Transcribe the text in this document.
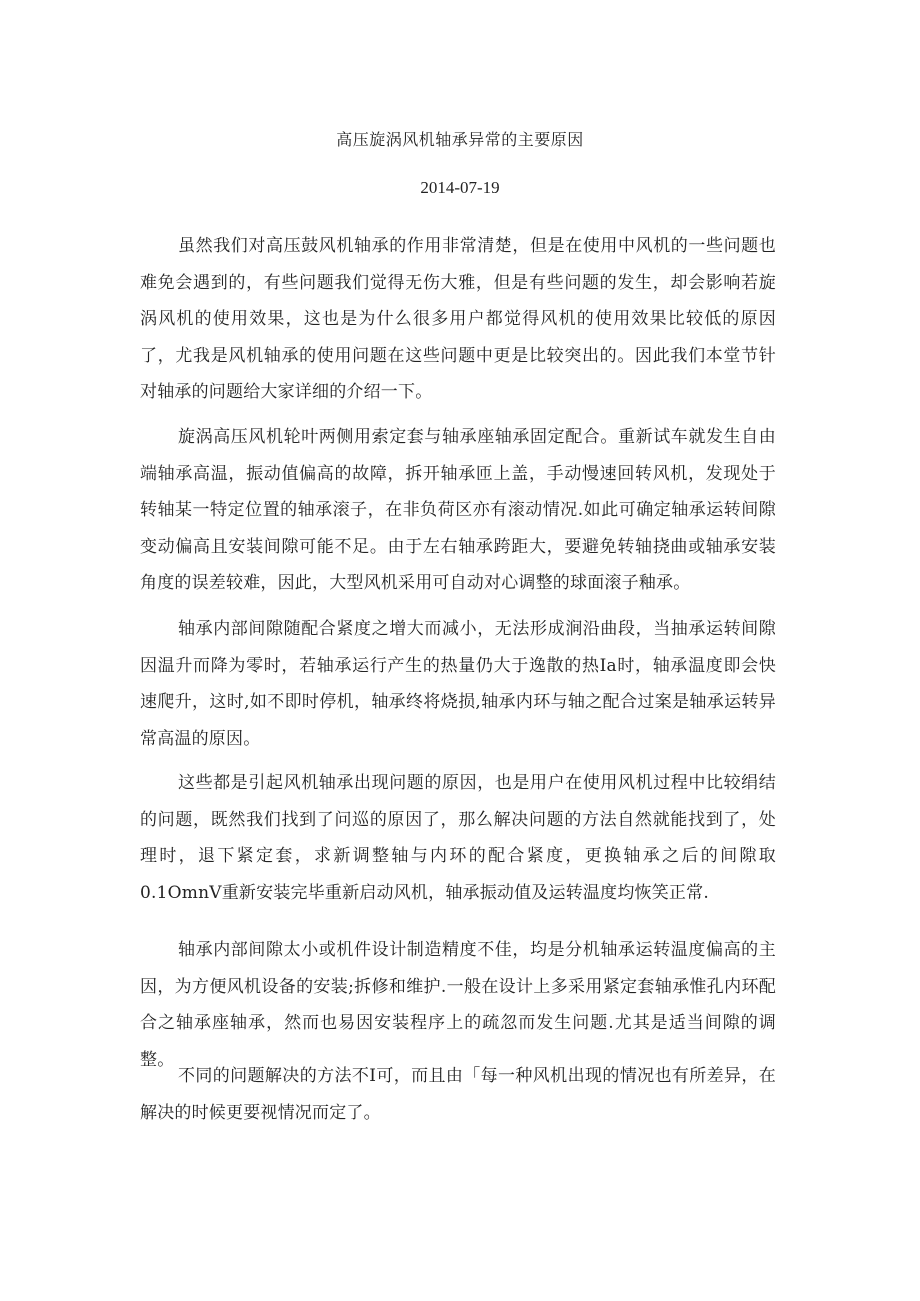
高压旋涡风机轴承异常的主要原因
2014-07-19

虽然我们对高压鼓风机轴承的作用非常清楚，但是在使用中风机的一些问题也难免会遇到的，有些问题我们觉得无伤大雅，但是有些问题的发生，却会影响若旋涡风机的使用效果，这也是为什么很多用户都觉得风机的使用效果比较低的原因了，尤我是风机轴承的使用问题在这些问题中更是比较突出的。因此我们本堂节针对轴承的问题给大家详细的介绍一下。

旋涡高压风机轮叶两侧用索定套与轴承座轴承固定配合。重新试车就发生自由端轴承高温，振动值偏高的故障，拆开轴承匝上盖，手动慢速回转风机，发现处于转轴某一特定位置的轴承滚子，在非负荷区亦有滚动情况.如此可确定轴承运转间隙变动偏高且安装间隙可能不足。由于左右轴承跨距大，要避免转轴挠曲或轴承安装角度的误差较难，因此，大型风机采用可自动对心调整的球面滚子釉承。

轴承内部间隙随配合紧度之增大而减小，无法形成涧沿曲段，当抽承运转间隙因温升而降为零时，若轴承运行产生的热量仍大于逸散的热Ia时，轴承温度即会快速爬升，这时,如不即时停机，轴承终将烧损,轴承内环与轴之配合过案是轴承运转异常高温的原因。

这些都是引起风机轴承出现问题的原因，也是用户在使用风机过程中比较绢结的问题，既然我们找到了问巡的原因了，那么解决问题的方法自然就能找到了，处理时，退下紧定套，求新调整轴与内环的配合紧度，更换轴承之后的间隙取0.1OmnV重新安装完毕重新启动风机，轴承振动值及运转温度均恢笑正常.

轴承内部间隙太小或机件设计制造精度不佳，均是分机轴承运转温度偏高的主因，为方便风机设备的安装;拆修和维护.一般在设计上多采用紧定套轴承惟孔内环配合之轴承座轴承，然而也易因安装程序上的疏忽而发生问题.尤其是适当间隙的调整。

不同的问题解决的方法不I可，而且由「每一种风机出现的情况也有所差异，在解决的时候更要视情况而定了。
